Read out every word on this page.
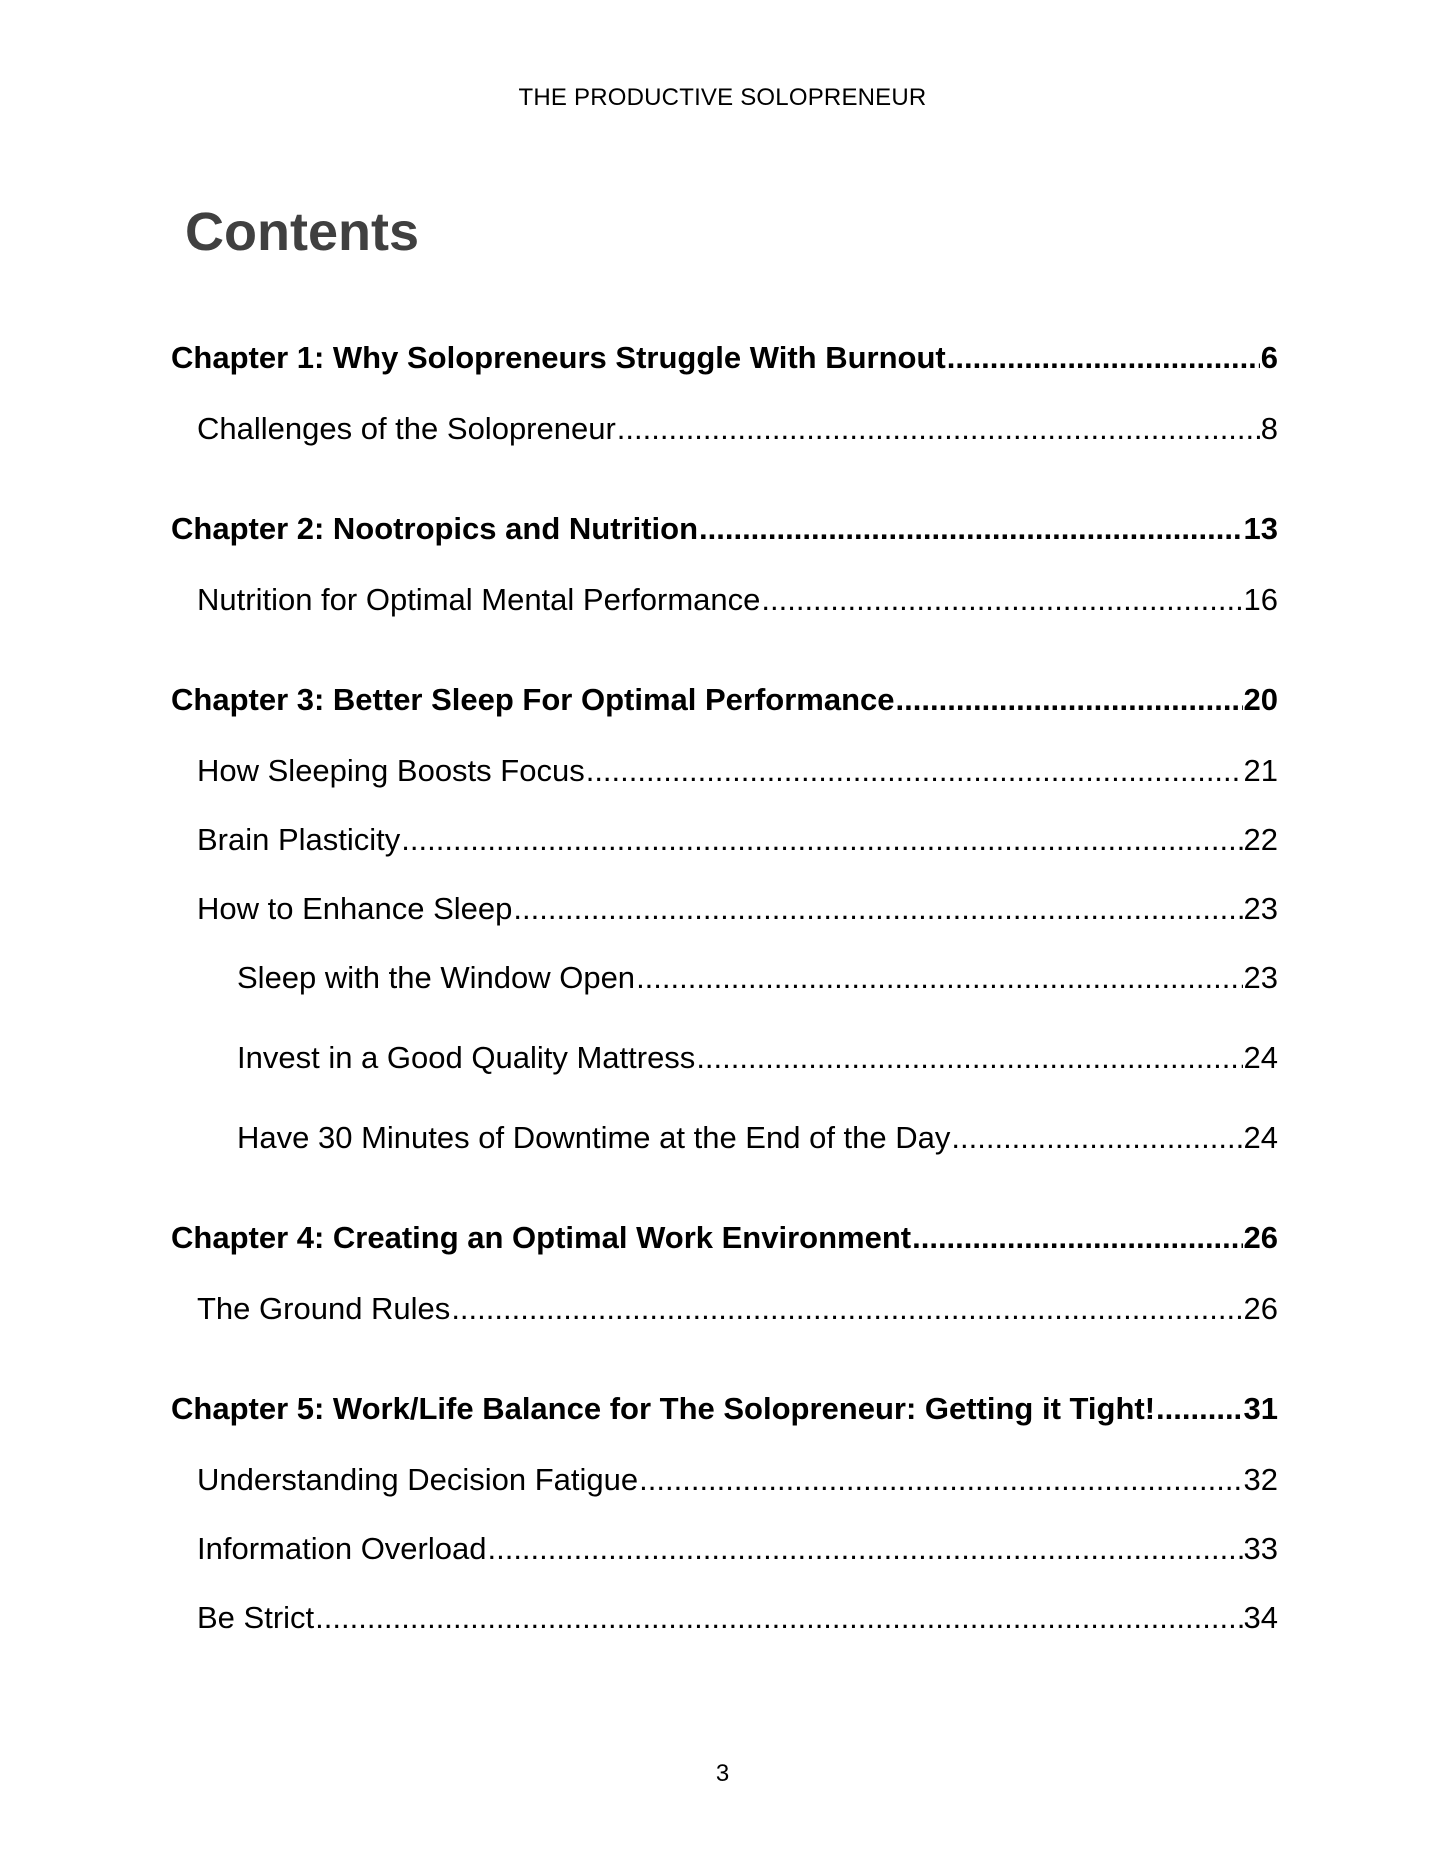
THE PRODUCTIVE SOLOPRENEUR
Contents
Chapter 1: Why Solopreneurs Struggle With Burnout .....	6
Challenges of the Solopreneur .....	8
Chapter 2: Nootropics and Nutrition .....	13
Nutrition for Optimal Mental Performance .....	16
Chapter 3: Better Sleep For Optimal Performance .....	20
How Sleeping Boosts Focus .....	21
Brain Plasticity .....	22
How to Enhance Sleep .....	23
Sleep with the Window Open .....	23
Invest in a Good Quality Mattress .....	24
Have 30 Minutes of Downtime at the End of the Day .....	24
Chapter 4: Creating an Optimal Work Environment .....	26
The Ground Rules .....	26
Chapter 5: Work/Life Balance for The Solopreneur: Getting it Tight! .....	31
Understanding Decision Fatigue .....	32
Information Overload .....	33
Be Strict .....	34
3
